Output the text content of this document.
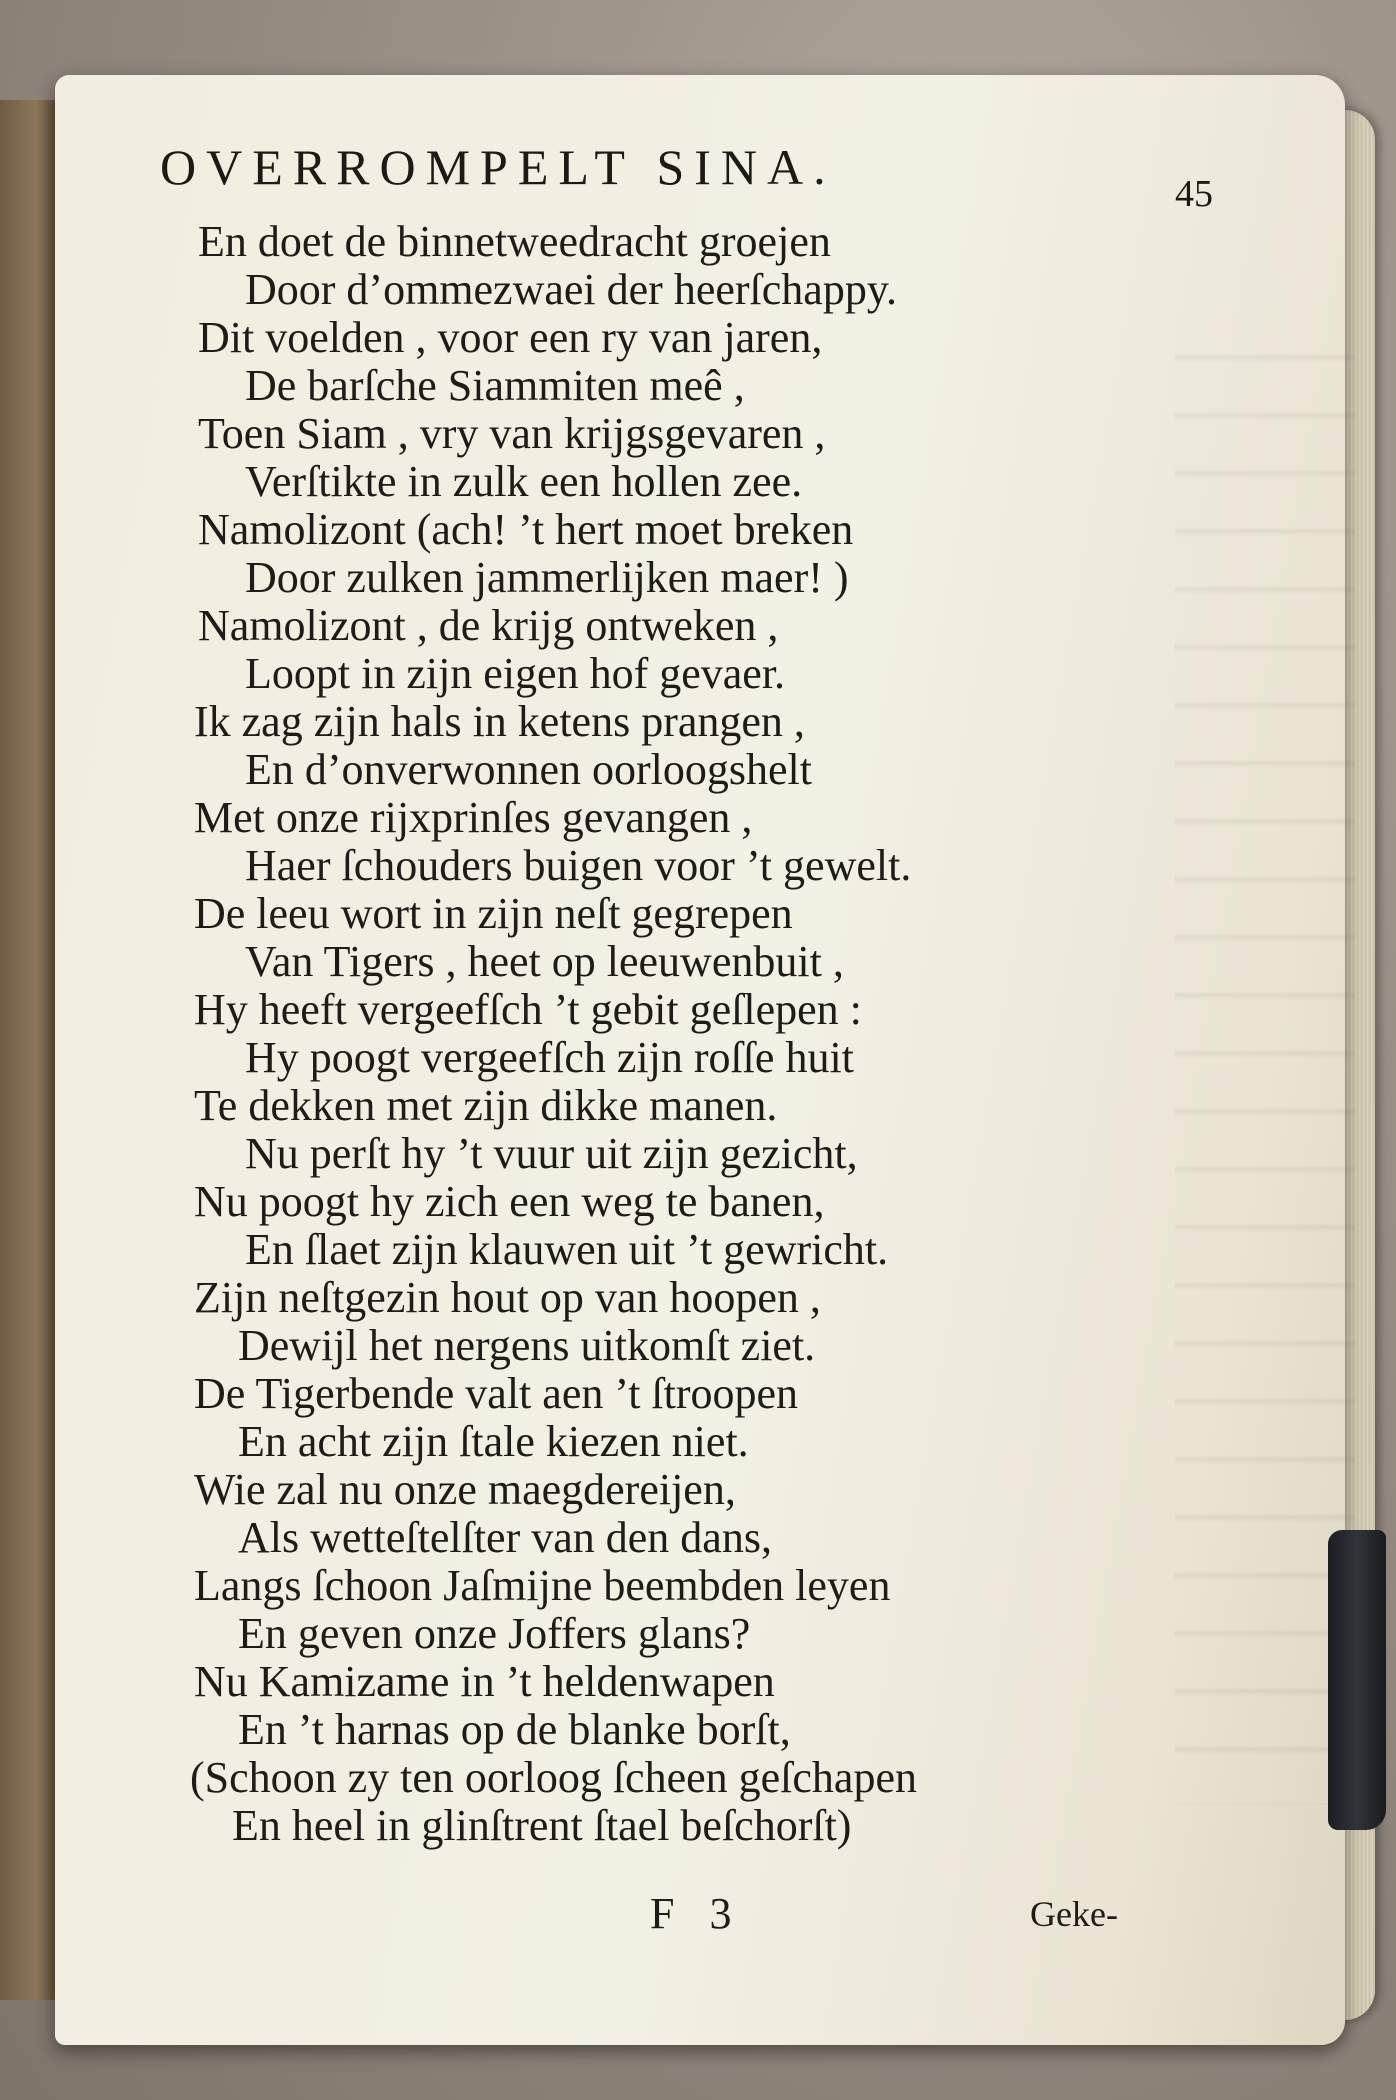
OVERROMPELT SINA.	45
En doet de binnetweedracht groejen
Door d’ommezwaei der heerſchappy.
Dit voelden , voor een ry van jaren,
De barſche Siammiten meê ,
Toen Siam , vry van krijgsgevaren ,
Verſtikte in zulk een hollen zee.
Namolizont (ach! ’t hert moet breken
Door zulken jammerlijken maer! )
Namolizont , de krijg ontweken ,
Loopt in zijn eigen hof gevaer.
Ik zag zijn hals in ketens prangen ,
En d’onverwonnen oorloogshelt
Met onze rijxprinſes gevangen ,
Haer ſchouders buigen voor ’t gewelt.
De leeu wort in zijn neſt gegrepen
Van Tigers , heet op leeuwenbuit ,
Hy heeft vergeefſch ’t gebit geſlepen :
Hy poogt vergeefſch zijn roſſe huit
Te dekken met zijn dikke manen.
Nu perſt hy ’t vuur uit zijn gezicht,
Nu poogt hy zich een weg te banen,
En ſlaet zijn klauwen uit ’t gewricht.
Zijn neſtgezin hout op van hoopen ,
Dewijl het nergens uitkomſt ziet.
De Tigerbende valt aen ’t ſtroopen
En acht zijn ſtale kiezen niet.
Wie zal nu onze maegdereijen,
Als wetteſtelſter van den dans,
Langs ſchoon Jaſmijne beembden leyen
En geven onze Joffers glans?
Nu Kamizame in ’t heldenwapen
En ’t harnas op de blanke borſt,
(Schoon zy ten oorloog ſcheen geſchapen
En heel in glinſtrent ſtael beſchorſt)
F 3	Geke-
